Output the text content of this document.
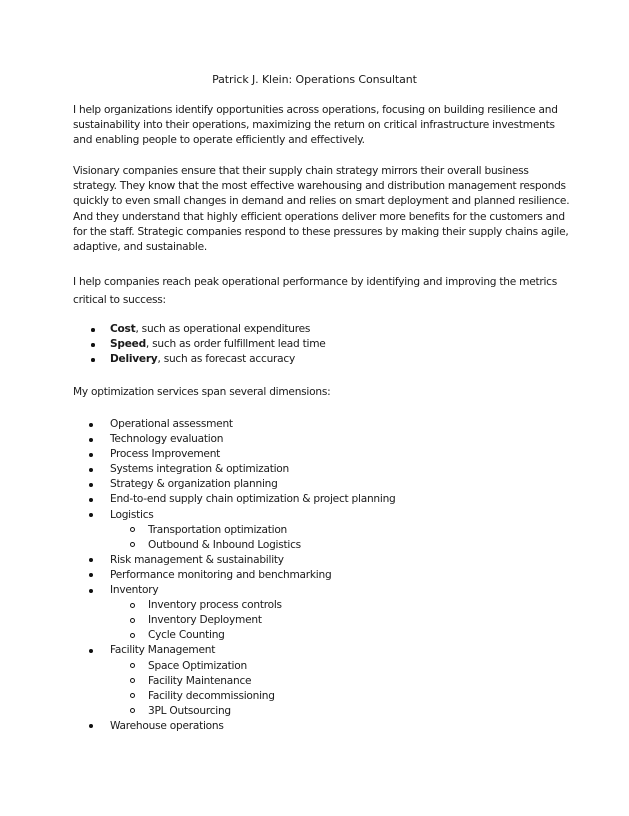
Patrick J. Klein: Operations Consultant

I help organizations identify opportunities across operations, focusing on building resilience and sustainability into their operations, maximizing the return on critical infrastructure investments and enabling people to operate efficiently and effectively.

Visionary companies ensure that their supply chain strategy mirrors their overall business strategy. They know that the most effective warehousing and distribution management responds quickly to even small changes in demand and relies on smart deployment and planned resilience. And they understand that highly efficient operations deliver more benefits for the customers and for the staff. Strategic companies respond to these pressures by making their supply chains agile, adaptive, and sustainable.

I help companies reach peak operational performance by identifying and improving the metrics critical to success:

Cost, such as operational expenditures
Speed, such as order fulfillment lead time
Delivery, such as forecast accuracy

My optimization services span several dimensions:

Operational assessment
Technology evaluation
Process Improvement
Systems integration & optimization
Strategy & organization planning
End-to-end supply chain optimization & project planning
Logistics
Transportation optimization
Outbound & Inbound Logistics
Risk management & sustainability
Performance monitoring and benchmarking
Inventory
Inventory process controls
Inventory Deployment
Cycle Counting
Facility Management
Space Optimization
Facility Maintenance
Facility decommissioning
3PL Outsourcing
Warehouse operations
